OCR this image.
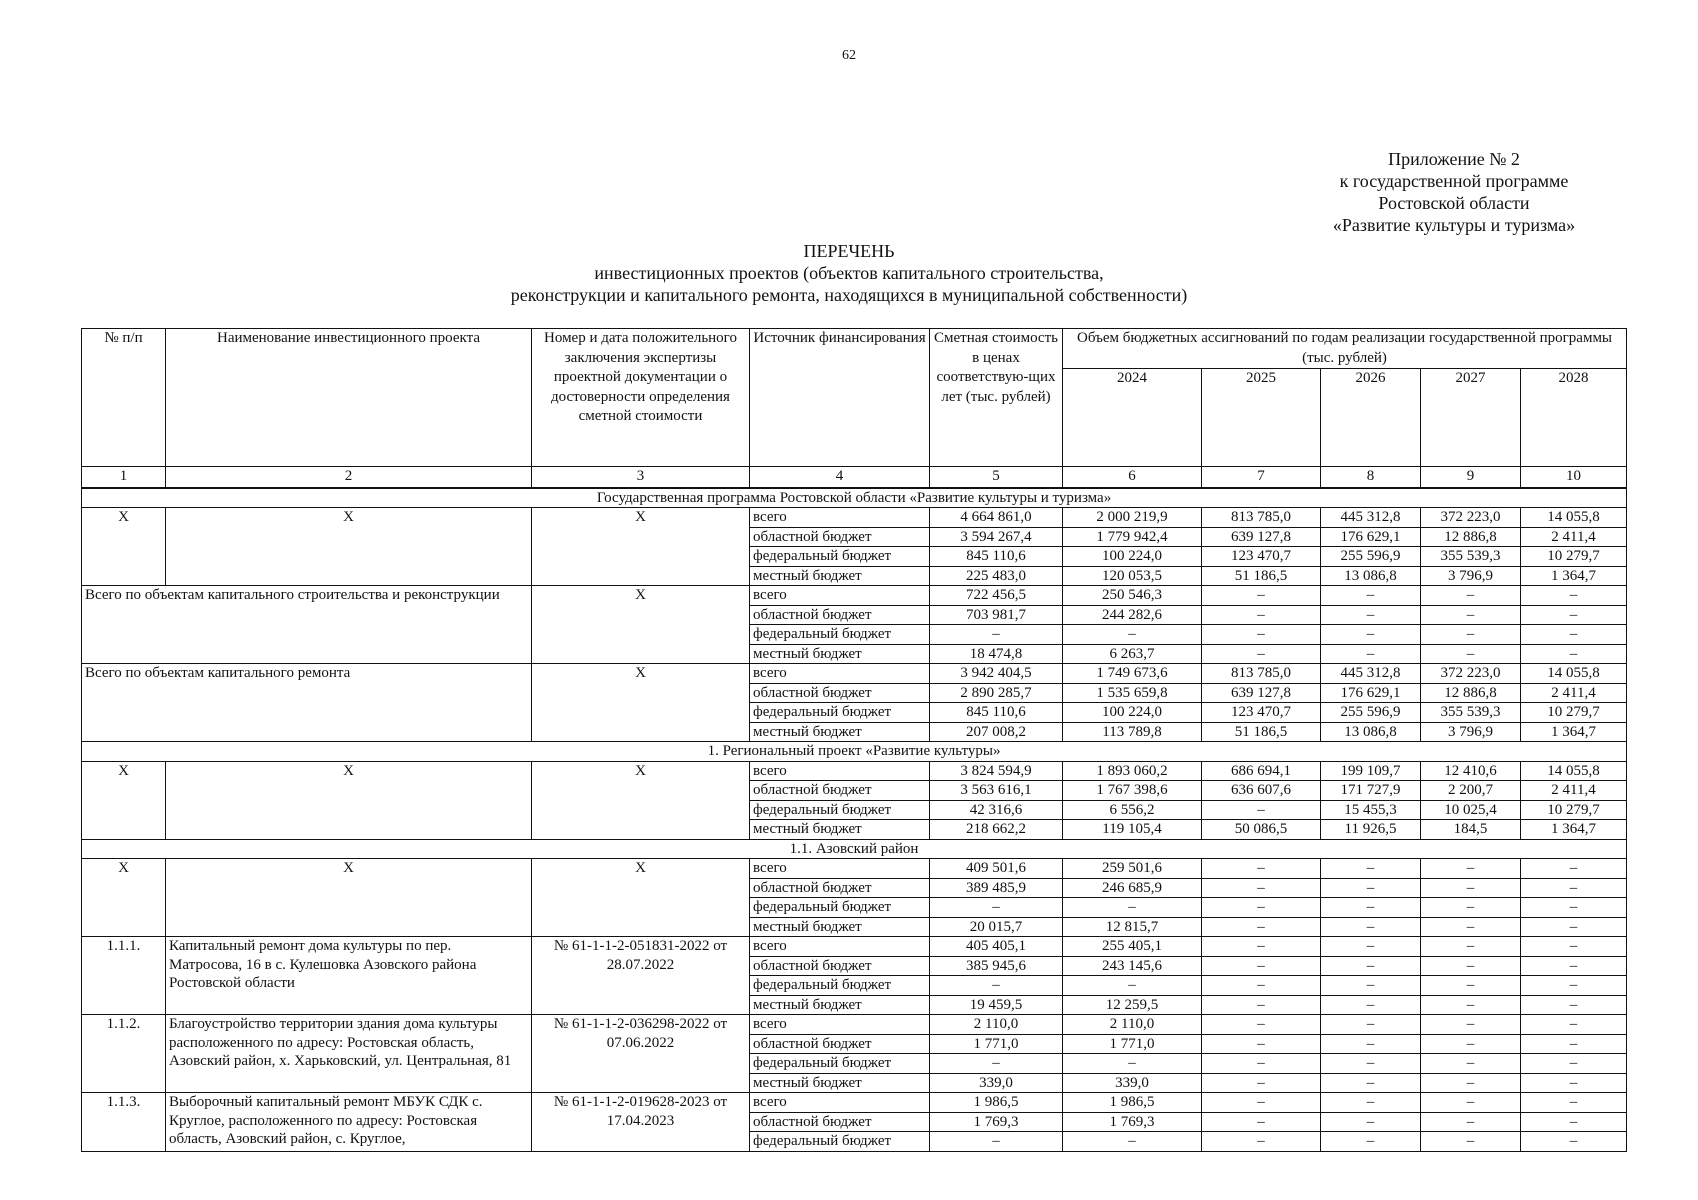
62
Приложение № 2
к государственной программе
Ростовской области
«Развитие культуры и туризма»
ПЕРЕЧЕНЬ
инвестиционных проектов (объектов капитального строительства,
реконструкции и капитального ремонта, находящихся в муниципальной собственности)
№ п/п	Наименование инвестиционного проекта	Номер и дата положительного заключения экспертизы проектной документации о достоверности определения сметной стоимости	Источник финансирования	Сметная стоимость в ценах соответствую-щих лет (тыс. рублей)	Объем бюджетных ассигнований по годам реализации государственной программы (тыс. рублей)				
					2024	2025	2026	2027	2028
1	2	3	4	5	6	7	8	9	10
Государственная программа Ростовской области «Развитие культуры и туризма»									
Х	Х	Х	всего	4 664 861,0	2 000 219,9	813 785,0	445 312,8	372 223,0	14 055,8
			областной бюджет	3 594 267,4	1 779 942,4	639 127,8	176 629,1	12 886,8	2 411,4
			федеральный бюджет	845 110,6	100 224,0	123 470,7	255 596,9	355 539,3	10 279,7
			местный бюджет	225 483,0	120 053,5	51 186,5	13 086,8	3 796,9	1 364,7
Всего по объектам капитального строительства и реконструкции		Х	всего	722 456,5	250 546,3	–	–	–	–
			областной бюджет	703 981,7	244 282,6	–	–	–	–
			федеральный бюджет	–	–	–	–	–	–
			местный бюджет	18 474,8	6 263,7	–	–	–	–
Всего по объектам капитального ремонта		Х	всего	3 942 404,5	1 749 673,6	813 785,0	445 312,8	372 223,0	14 055,8
			областной бюджет	2 890 285,7	1 535 659,8	639 127,8	176 629,1	12 886,8	2 411,4
			федеральный бюджет	845 110,6	100 224,0	123 470,7	255 596,9	355 539,3	10 279,7
			местный бюджет	207 008,2	113 789,8	51 186,5	13 086,8	3 796,9	1 364,7
1. Региональный проект «Развитие культуры»									
Х	Х	Х	всего	3 824 594,9	1 893 060,2	686 694,1	199 109,7	12 410,6	14 055,8
			областной бюджет	3 563 616,1	1 767 398,6	636 607,6	171 727,9	2 200,7	2 411,4
			федеральный бюджет	42 316,6	6 556,2	–	15 455,3	10 025,4	10 279,7
			местный бюджет	218 662,2	119 105,4	50 086,5	11 926,5	184,5	1 364,7
1.1. Азовский район									
Х	Х	Х	всего	409 501,6	259 501,6	–	–	–	–
			областной бюджет	389 485,9	246 685,9	–	–	–	–
			федеральный бюджет	–	–	–	–	–	–
			местный бюджет	20 015,7	12 815,7	–	–	–	–
1.1.1.	Капитальный ремонт дома культуры по пер. Матросова, 16 в с. Кулешовка Азовского района Ростовской области	№ 61-1-1-2-051831-2022 от 28.07.2022	всего	405 405,1	255 405,1	–	–	–	–
			областной бюджет	385 945,6	243 145,6	–	–	–	–
			федеральный бюджет	–	–	–	–	–	–
			местный бюджет	19 459,5	12 259,5	–	–	–	–
1.1.2.	Благоустройство территории здания дома культуры расположенного по адресу: Ростовская область, Азовский район, х. Харьковский, ул. Центральная, 81	№ 61-1-1-2-036298-2022 от 07.06.2022	всего	2 110,0	2 110,0	–	–	–	–
			областной бюджет	1 771,0	1 771,0	–	–	–	–
			федеральный бюджет	–	–	–	–	–	–
			местный бюджет	339,0	339,0	–	–	–	–
1.1.3.	Выборочный капитальный ремонт МБУК СДК с. Круглое, расположенного по адресу: Ростовская область, Азовский район, с. Круглое,	№ 61-1-1-2-019628-2023 от 17.04.2023	всего	1 986,5	1 986,5	–	–	–	–
			областной бюджет	1 769,3	1 769,3	–	–	–	–
			федеральный бюджет	–	–	–	–	–	–
